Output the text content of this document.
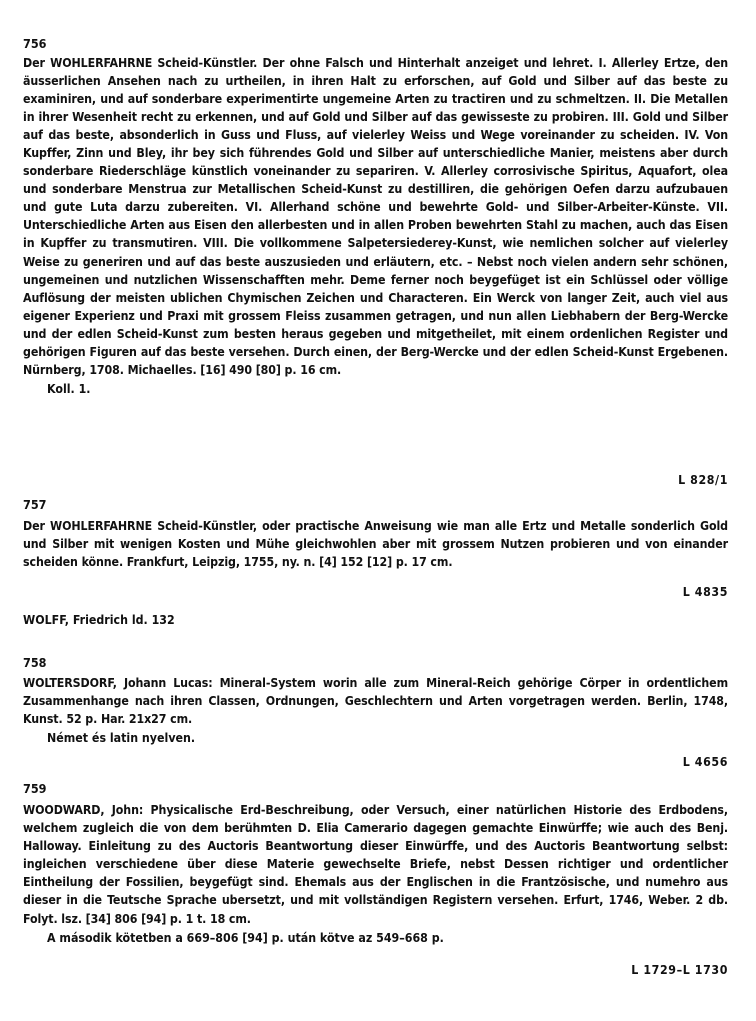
756
Der WOHLERFAHRNE Scheid-Künstler. Der ohne Falsch und Hinterhalt anzeiget und lehret. I. Allerley Ertze, den äusserlichen Ansehen nach zu urtheilen, in ihren Halt zu erforschen, auf Gold und Silber auf das beste zu examiniren, und auf sonderbare experimentirte ungemeine Arten zu tractiren und zu schmeltzen. II. Die Metallen in ihrer Wesenheit recht zu erkennen, und auf Gold und Silber auf das gewisseste zu probiren. III. Gold und Silber auf das beste, absonderlich in Guss und Fluss, auf vielerley Weiss und Wege voreinander zu scheiden. IV. Von Kupffer, Zinn und Bley, ihr bey sich führendes Gold und Silber auf unterschiedliche Manier, meistens aber durch sonderbare Riederschläge künstlich voneinander zu separiren. V. Allerley corrosivische Spiritus, Aquafort, olea und sonderbare Menstrua zur Metallischen Scheid-Kunst zu destilliren, die gehörigen Oefen darzu aufzubauen und gute Luta darzu zubereiten. VI. Allerhand schöne und bewehrte Gold- und Silber-Arbeiter-Künste. VII. Unterschiedliche Arten aus Eisen den allerbesten und in allen Proben bewehrten Stahl zu machen, auch das Eisen in Kupffer zu transmutiren. VIII. Die vollkommene Salpetersiederey-Kunst, wie nemlichen solcher auf vielerley Weise zu generiren und auf das beste auszusieden und erläutern, etc. – Nebst noch vielen andern sehr schönen, ungemeinen und nutzlichen Wissenschafften mehr. Deme ferner noch beygefüget ist ein Schlüssel oder völlige Auflösung der meisten ublichen Chymischen Zeichen und Characteren. Ein Werck von langer Zeit, auch viel aus eigener Experienz und Praxi mit grossem Fleiss zusammen getragen, und nun allen Liebhabern der Berg-Wercke und der edlen Scheid-Kunst zum besten heraus gegeben und mitgetheilet, mit einem ordenlichen Register und gehörigen Figuren auf das beste versehen. Durch einen, der Berg-Wercke und der edlen Scheid-Kunst Ergebenen. Nürnberg, 1708. Michaelles. [16] 490 [80] p. 16 cm.
Koll. 1.
L 828/1
757
Der WOHLERFAHRNE Scheid-Künstler, oder practische Anweisung wie man alle Ertz und Metalle sonderlich Gold und Silber mit wenigen Kosten und Mühe gleichwohlen aber mit grossem Nutzen probieren und von einander scheiden könne. Frankfurt, Leipzig, 1755, ny. n. [4] 152 [12] p. 17 cm.
L 4835
WOLFF, Friedrich ld. 132
758
WOLTERSDORF, Johann Lucas: Mineral-System worin alle zum Mineral-Reich gehörige Cörper in ordentlichem Zusammenhange nach ihren Classen, Ordnungen, Geschlechtern und Arten vorgetragen werden. Berlin, 1748, Kunst. 52 p. Har. 21x27 cm.
Német és latin nyelven.
L 4656
759
WOODWARD, John: Physicalische Erd-Beschreibung, oder Versuch, einer natürlichen Historie des Erdbodens, welchem zugleich die von dem berühmten D. Elia Camerario dagegen gemachte Einwürffe; wie auch des Benj. Halloway. Einleitung zu des Auctoris Beantwortung dieser Einwürffe, und des Auctoris Beantwortung selbst: ingleichen verschiedene über diese Materie gewechselte Briefe, nebst Dessen richtiger und ordentlicher Eintheilung der Fossilien, beygefügt sind. Ehemals aus der Englischen in die Frantzösische, und numehro aus dieser in die Teutsche Sprache ubersetzt, und mit vollständigen Registern versehen. Erfurt, 1746, Weber. 2 db. Folyt. lsz. [34] 806 [94] p. 1 t. 18 cm.
A második kötetben a 669–806 [94] p. után kötve az 549–668 p.
L 1729–L 1730
